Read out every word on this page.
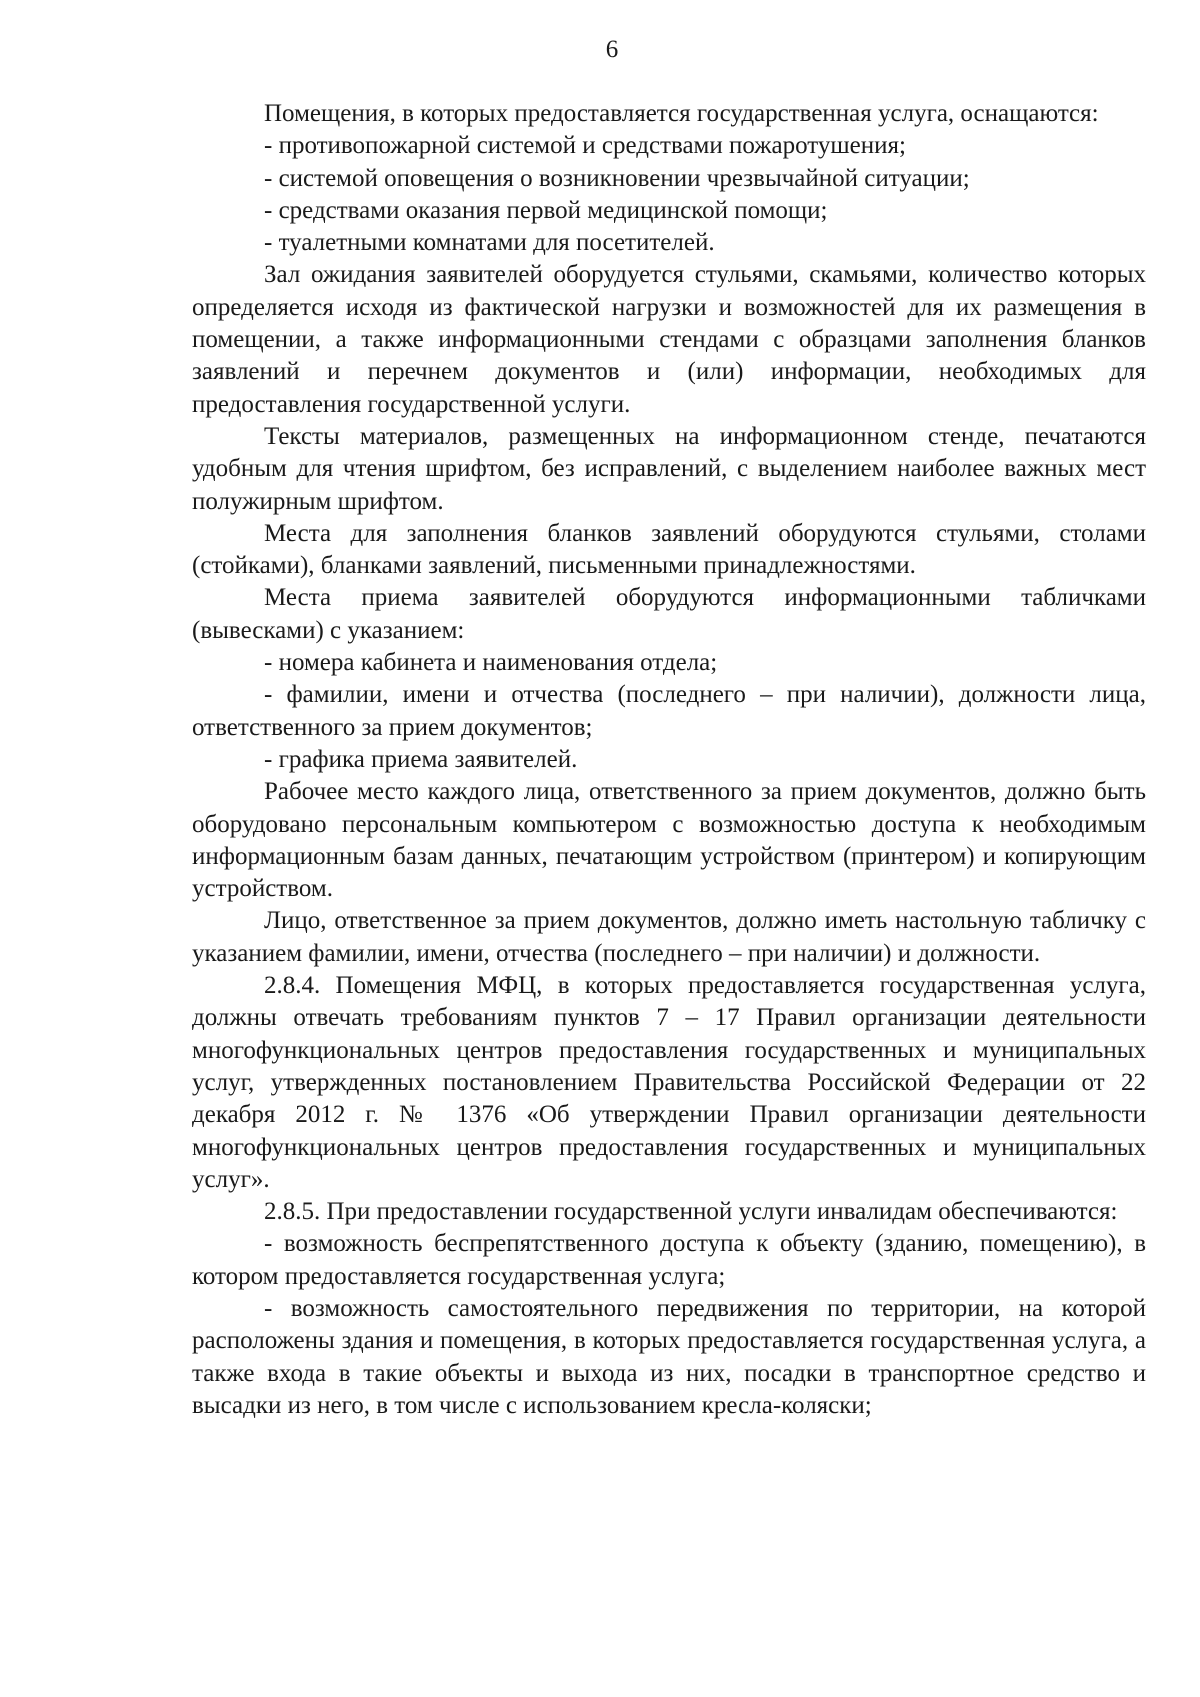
6

Помещения, в которых предоставляется государственная услуга, оснащаются:

- противопожарной системой и средствами пожаротушения;

- системой оповещения о возникновении чрезвычайной ситуации;

- средствами оказания первой медицинской помощи;

- туалетными комнатами для посетителей.

Зал ожидания заявителей оборудуется стульями, скамьями, количество которых определяется исходя из фактической нагрузки и возможностей для их размещения в помещении, а также информационными стендами с образцами заполнения бланков заявлений и перечнем документов и (или) информации, необходимых для предоставления государственной услуги.

Тексты материалов, размещенных на информационном стенде, печатаются удобным для чтения шрифтом, без исправлений, с выделением наиболее важных мест полужирным шрифтом.

Места для заполнения бланков заявлений оборудуются стульями, столами (стойками), бланками заявлений, письменными принадлежностями.

Места приема заявителей оборудуются информационными табличками (вывесками) с указанием:

- номера кабинета и наименования отдела;

- фамилии, имени и отчества (последнего – при наличии), должности лица, ответственного за прием документов;

- графика приема заявителей.

Рабочее место каждого лица, ответственного за прием документов, должно быть оборудовано персональным компьютером с возможностью доступа к необходимым информационным базам данных, печатающим устройством (принтером) и копирующим устройством.

Лицо, ответственное за прием документов, должно иметь настольную табличку с указанием фамилии, имени, отчества (последнего – при наличии) и должности.

2.8.4. Помещения МФЦ, в которых предоставляется государственная услуга, должны отвечать требованиям пунктов 7 – 17 Правил организации деятельности многофункциональных центров предоставления государственных и муниципальных услуг, утвержденных постановлением Правительства Российской Федерации от 22 декабря 2012 г. № 1376 «Об утверждении Правил организации деятельности многофункциональных центров предоставления государственных и муниципальных услуг».

2.8.5. При предоставлении государственной услуги инвалидам обеспечиваются:

- возможность беспрепятственного доступа к объекту (зданию, помещению), в котором предоставляется государственная услуга;

- возможность самостоятельного передвижения по территории, на которой расположены здания и помещения, в которых предоставляется государственная услуга, а также входа в такие объекты и выхода из них, посадки в транспортное средство и высадки из него, в том числе с использованием кресла-коляски;
